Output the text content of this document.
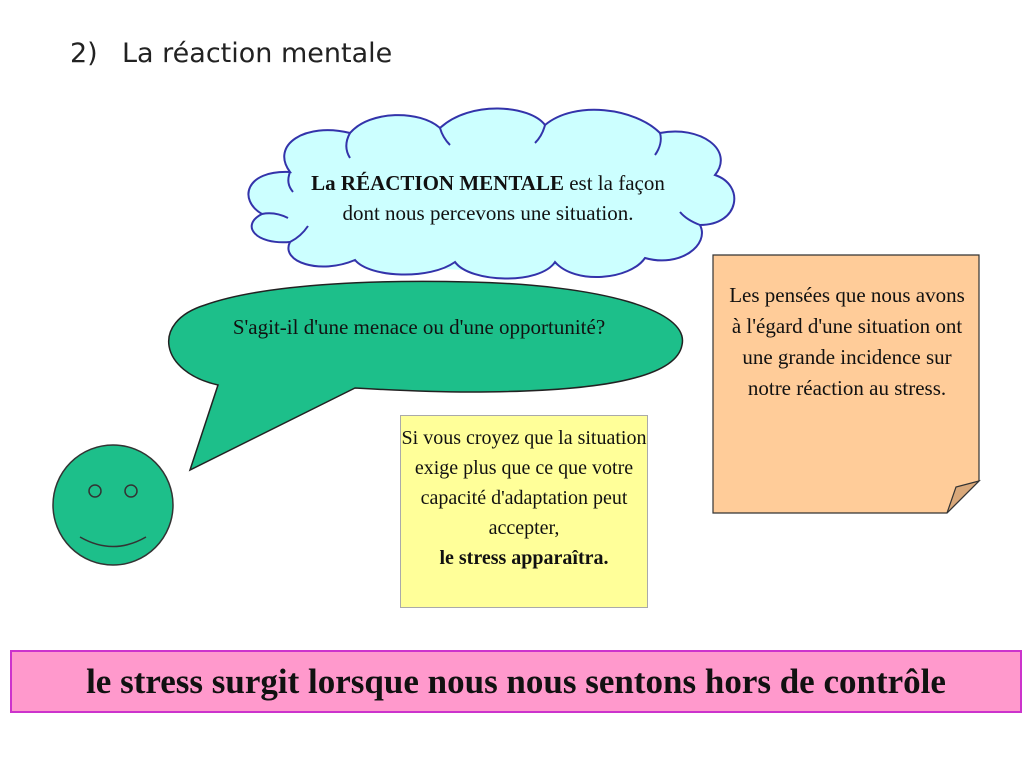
2) La réaction mentale
La RÉACTION MENTALE est la façon dont nous percevons une situation.
S'agit-il d'une menace ou d'une opportunité?
Si vous croyez que la situation exige plus que ce que votre capacité d'adaptation peut accepter,
le stress apparaîtra.
Les pensées que nous avons à l'égard d'une situation ont une grande incidence sur notre réaction au stress.
le stress surgit lorsque nous nous sentons hors de contrôle
